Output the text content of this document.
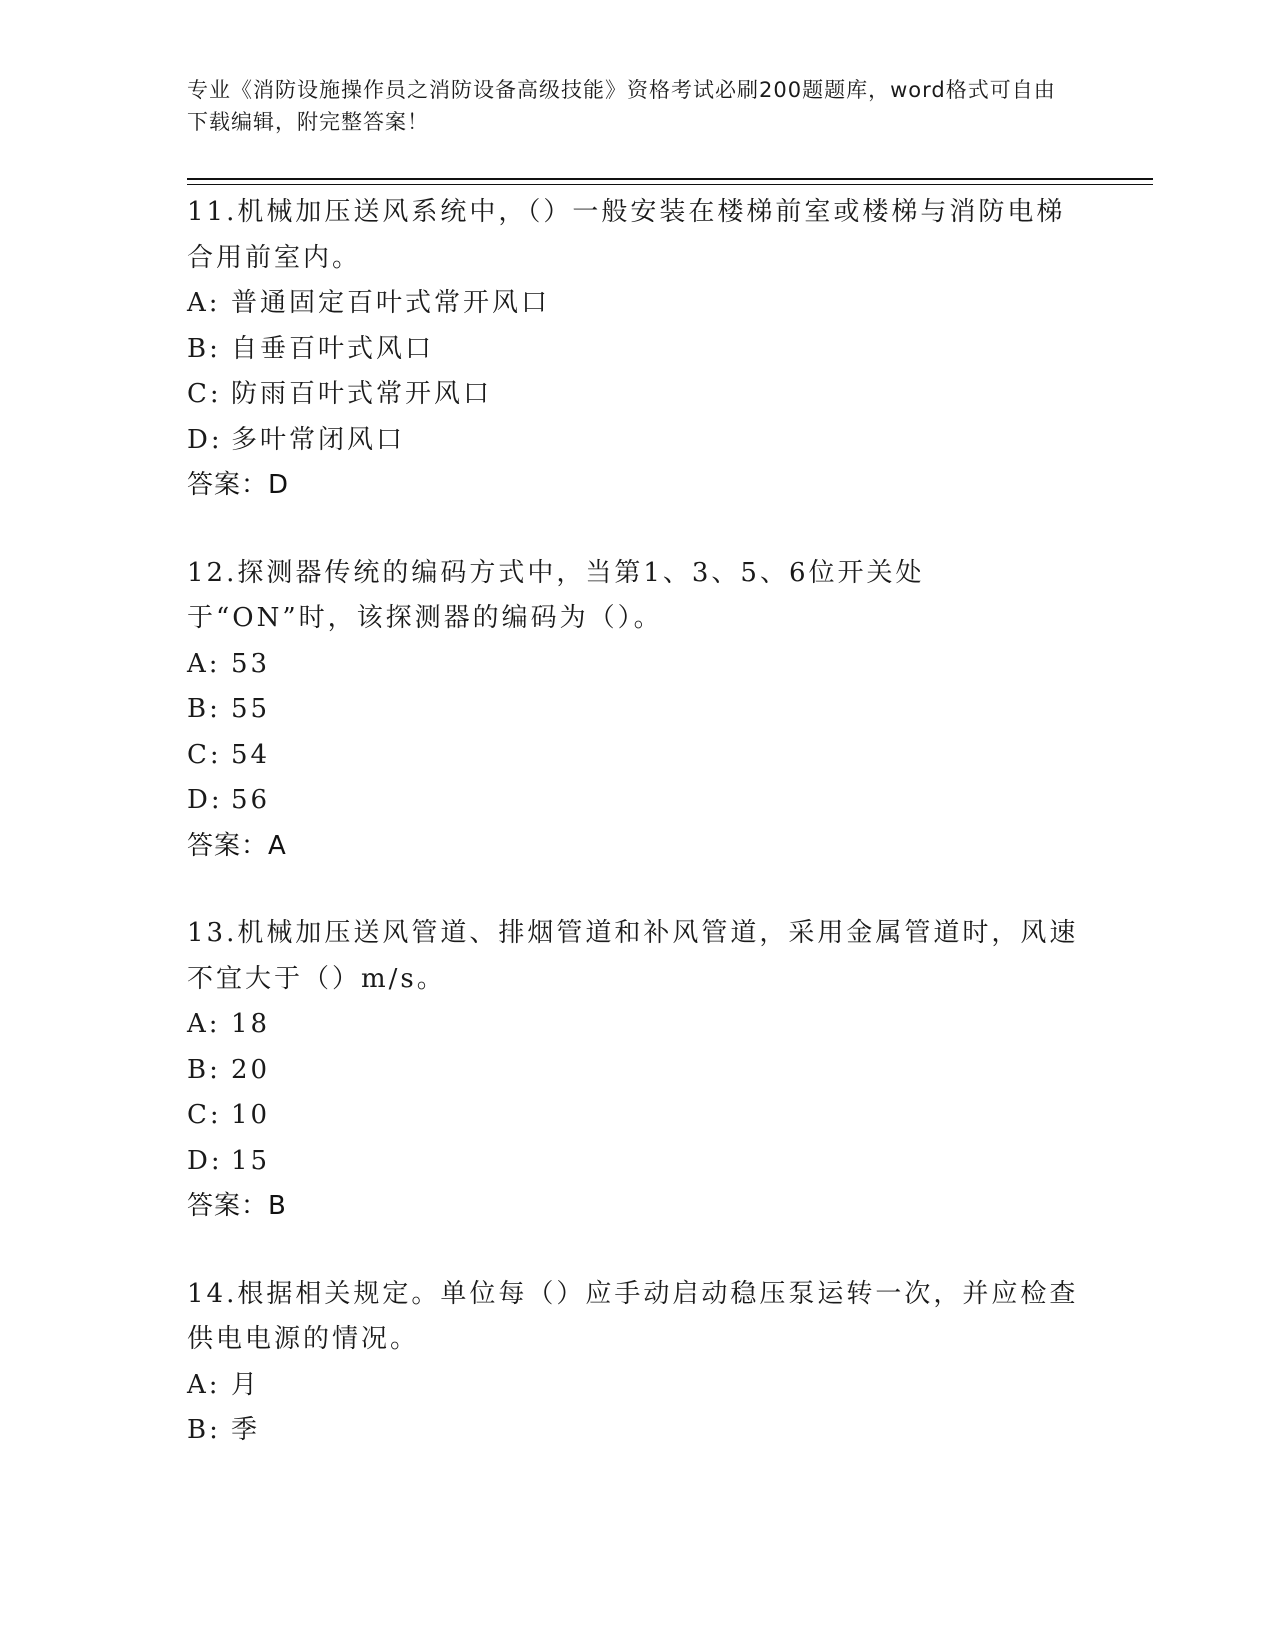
专业《消防设施操作员之消防设备高级技能》资格考试必刷200题题库，word格式可自由下载编辑，附完整答案！
11.机械加压送风系统中，（）一般安装在楼梯前室或楼梯与消防电梯合用前室内。
A: 普通固定百叶式常开风口
B: 自垂百叶式风口
C: 防雨百叶式常开风口
D: 多叶常闭风口
答案：D
12.探测器传统的编码方式中，当第1、3、5、6位开关处于“ON”时，该探测器的编码为（）。
A: 53
B: 55
C: 54
D: 56
答案：A
13.机械加压送风管道、排烟管道和补风管道，采用金属管道时，风速不宜大于（）m/s。
A: 18
B: 20
C: 10
D: 15
答案：B
14.根据相关规定。单位每（）应手动启动稳压泵运转一次，并应检查供电电源的情况。
A: 月
B: 季
